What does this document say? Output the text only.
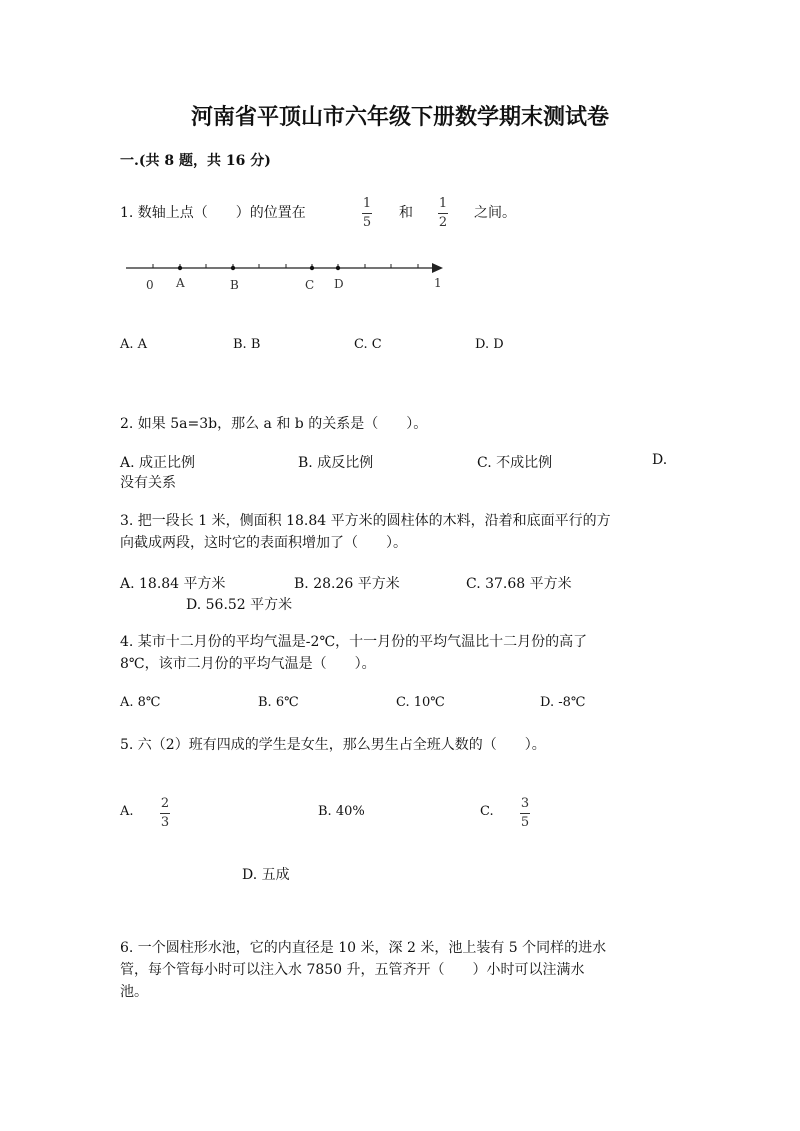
河南省平顶山市六年级下册数学期末测试卷
一.(共 8 题，共 16 分)
1. 数轴上点（　　）的位置在
1
5
和
1
2
之间。
0 A	B	C D	1
A. A	B. B	C. C	D. D
2. 如果 5a=3b，那么 a 和 b 的关系是（　　）。
A. 成正比例	B. 成反比例	C. 不成比例	D.
没有关系
3. 把一段长 1 米，侧面积 18.84 平方米的圆柱体的木料，沿着和底面平行的方
向截成两段，这时它的表面积增加了（　　）。
A. 18.84 平方米	B. 28.26 平方米	C. 37.68 平方米
D. 56.52 平方米
4. 某市十二月份的平均气温是-2℃，十一月份的平均气温比十二月份的高了
8℃，该市二月份的平均气温是（　　）。
A. 8℃	B. 6℃	C. 10℃	D. -8℃
5. 六（2）班有四成的学生是女生，那么男生占全班人数的（　　）。
A.
2
3
B. 40%	C.
3
5
D. 五成
6. 一个圆柱形水池，它的内直径是 10 米，深 2 米，池上装有 5 个同样的进水
管，每个管每小时可以注入水 7850 升，五管齐开（　　）小时可以注满水
池。
